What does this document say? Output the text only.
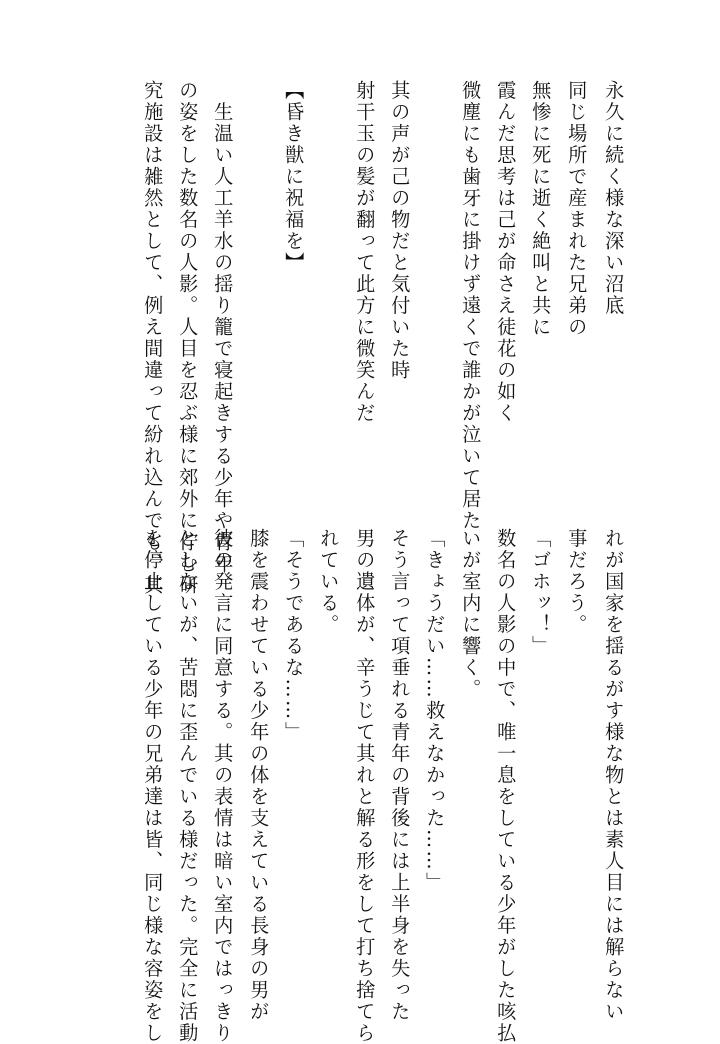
永久に続く様な深い沼底
同じ場所で産まれた兄弟の
無惨に死に逝く絶叫と共に
霞んだ思考は己が命さえ徒花の如く
微塵にも歯牙に掛けず遠くで誰かが泣いて居た
其の声が己の物だと気付いた時
射干玉の髪が翻って此方に微笑んだ
【昏き獣に祝福を】
　生温い人工羊水の揺り籠で寝起きする少年や青年
の姿をした数名の人影。人目を忍ぶ様に郊外に佇む研
究施設は雑然として、例え間違って紛れ込んでも、其
れが国家を揺るがす様な物とは素人目には解らない
事だろう。
「ゴホッ！」
数名の人影の中で、唯一息をしている少年がした咳払
いが室内に響く。
「きょうだい……救えなかった……」
そう言って項垂れる青年の背後には上半身を失った
男の遺体が、辛うじて其れと解る形をして打ち捨てら
れている。
「そうであるな……」
膝を震わせている少年の体を支えている長身の男が
彼の発言に同意する。其の表情は暗い室内ではっきり
としないが、苦悶に歪んでいる様だった。完全に活動
を停止している少年の兄弟達は皆、同じ様な容姿をし
